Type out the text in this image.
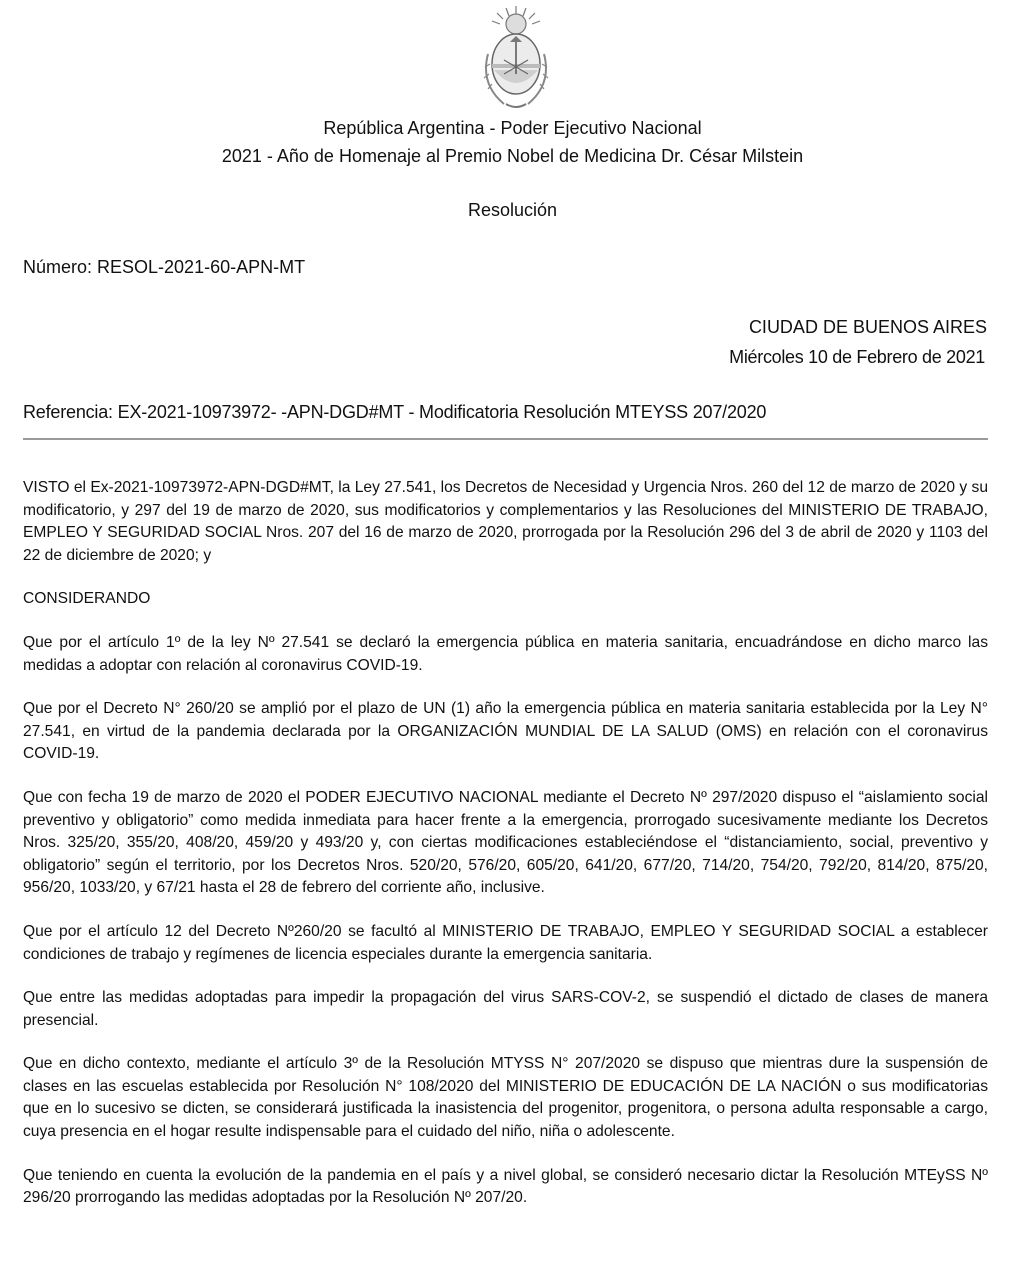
República Argentina - Poder Ejecutivo Nacional
2021 - Año de Homenaje al Premio Nobel de Medicina Dr. César Milstein
Resolución
Número: RESOL-2021-60-APN-MT
CIUDAD DE BUENOS AIRES
Miércoles 10 de Febrero de 2021
Referencia: EX-2021-10973972- -APN-DGD#MT - Modificatoria Resolución MTEYSS 207/2020

VISTO el Ex-2021-10973972-APN-DGD#MT, la Ley 27.541, los Decretos de Necesidad y Urgencia Nros. 260 del 12 de marzo de 2020 y su modificatorio, y 297 del 19 de marzo de 2020, sus modificatorios y complementarios y las Resoluciones del MINISTERIO DE TRABAJO, EMPLEO Y SEGURIDAD SOCIAL Nros. 207 del 16 de marzo de 2020, prorrogada por la Resolución 296 del 3 de abril de 2020 y 1103 del 22 de diciembre de 2020; y

CONSIDERANDO

Que por el artículo 1º de la ley Nº 27.541 se declaró la emergencia pública en materia sanitaria, encuadrándose en dicho marco las medidas a adoptar con relación al coronavirus COVID-19.

Que por el Decreto N° 260/20 se amplió por el plazo de UN (1) año la emergencia pública en materia sanitaria establecida por la Ley N° 27.541, en virtud de la pandemia declarada por la ORGANIZACIÓN MUNDIAL DE LA SALUD (OMS) en relación con el coronavirus COVID-19.

Que con fecha 19 de marzo de 2020 el PODER EJECUTIVO NACIONAL mediante el Decreto Nº 297/2020 dispuso el “aislamiento social preventivo y obligatorio” como medida inmediata para hacer frente a la emergencia, prorrogado sucesivamente mediante los Decretos Nros. 325/20, 355/20, 408/20, 459/20 y 493/20 y, con ciertas modificaciones estableciéndose el “distanciamiento, social, preventivo y obligatorio” según el territorio, por los Decretos Nros. 520/20, 576/20, 605/20, 641/20, 677/20, 714/20, 754/20, 792/20, 814/20, 875/20, 956/20, 1033/20, y 67/21 hasta el 28 de febrero del corriente año, inclusive.

Que por el artículo 12 del Decreto Nº260/20 se facultó al MINISTERIO DE TRABAJO, EMPLEO Y SEGURIDAD SOCIAL a establecer condiciones de trabajo y regímenes de licencia especiales durante la emergencia sanitaria.

Que entre las medidas adoptadas para impedir la propagación del virus SARS-COV-2, se suspendió el dictado de clases de manera presencial.

Que en dicho contexto, mediante el artículo 3º de la Resolución MTYSS N° 207/2020 se dispuso que mientras dure la suspensión de clases en las escuelas establecida por Resolución N° 108/2020 del MINISTERIO DE EDUCACIÓN DE LA NACIÓN o sus modificatorias que en lo sucesivo se dicten, se considerará justificada la inasistencia del progenitor, progenitora, o persona adulta responsable a cargo, cuya presencia en el hogar resulte indispensable para el cuidado del niño, niña o adolescente.

Que teniendo en cuenta la evolución de la pandemia en el país y a nivel global, se consideró necesario dictar la Resolución MTEySS Nº 296/20 prorrogando las medidas adoptadas por la Resolución Nº 207/20.
